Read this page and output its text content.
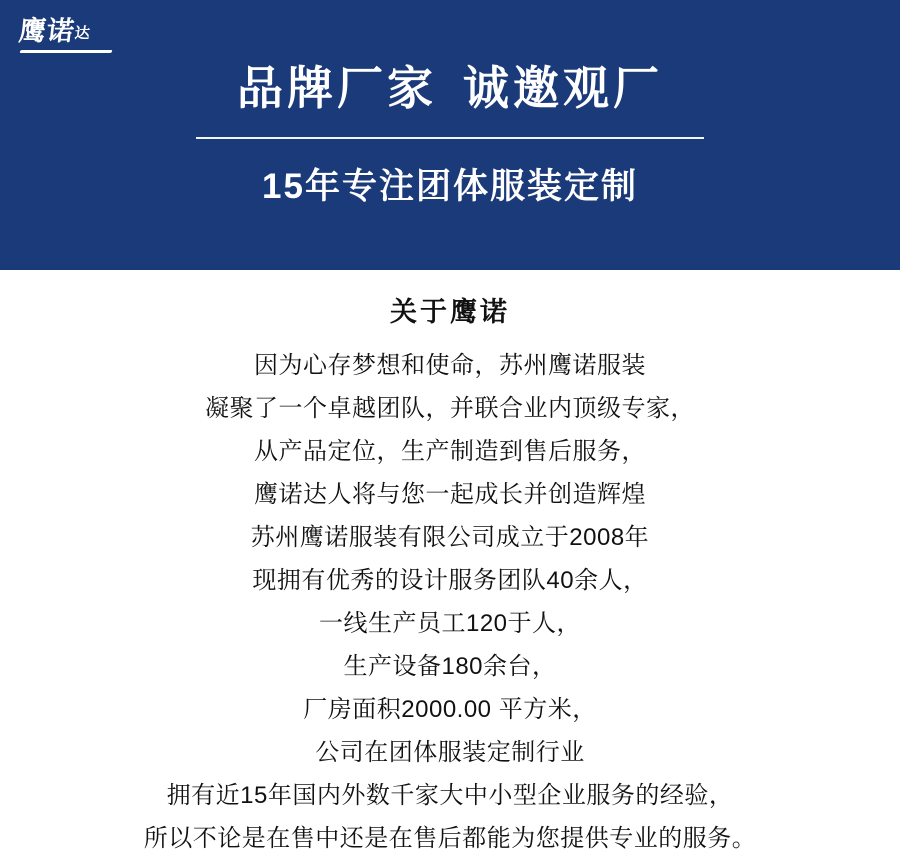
鹰诺达
品牌厂家 诚邀观厂
15年专注团体服装定制
关于鹰诺
因为心存梦想和使命，苏州鹰诺服装
凝聚了一个卓越团队，并联合业内顶级专家，
从产品定位，生产制造到售后服务，
鹰诺达人将与您一起成长并创造辉煌
苏州鹰诺服装有限公司成立于2008年
现拥有优秀的设计服务团队40余人，
一线生产员工120于人，
生产设备180余台，
厂房面积2000.00 平方米，
公司在团体服装定制行业
拥有近15年国内外数千家大中小型企业服务的经验，
所以不论是在售中还是在售后都能为您提供专业的服务。
